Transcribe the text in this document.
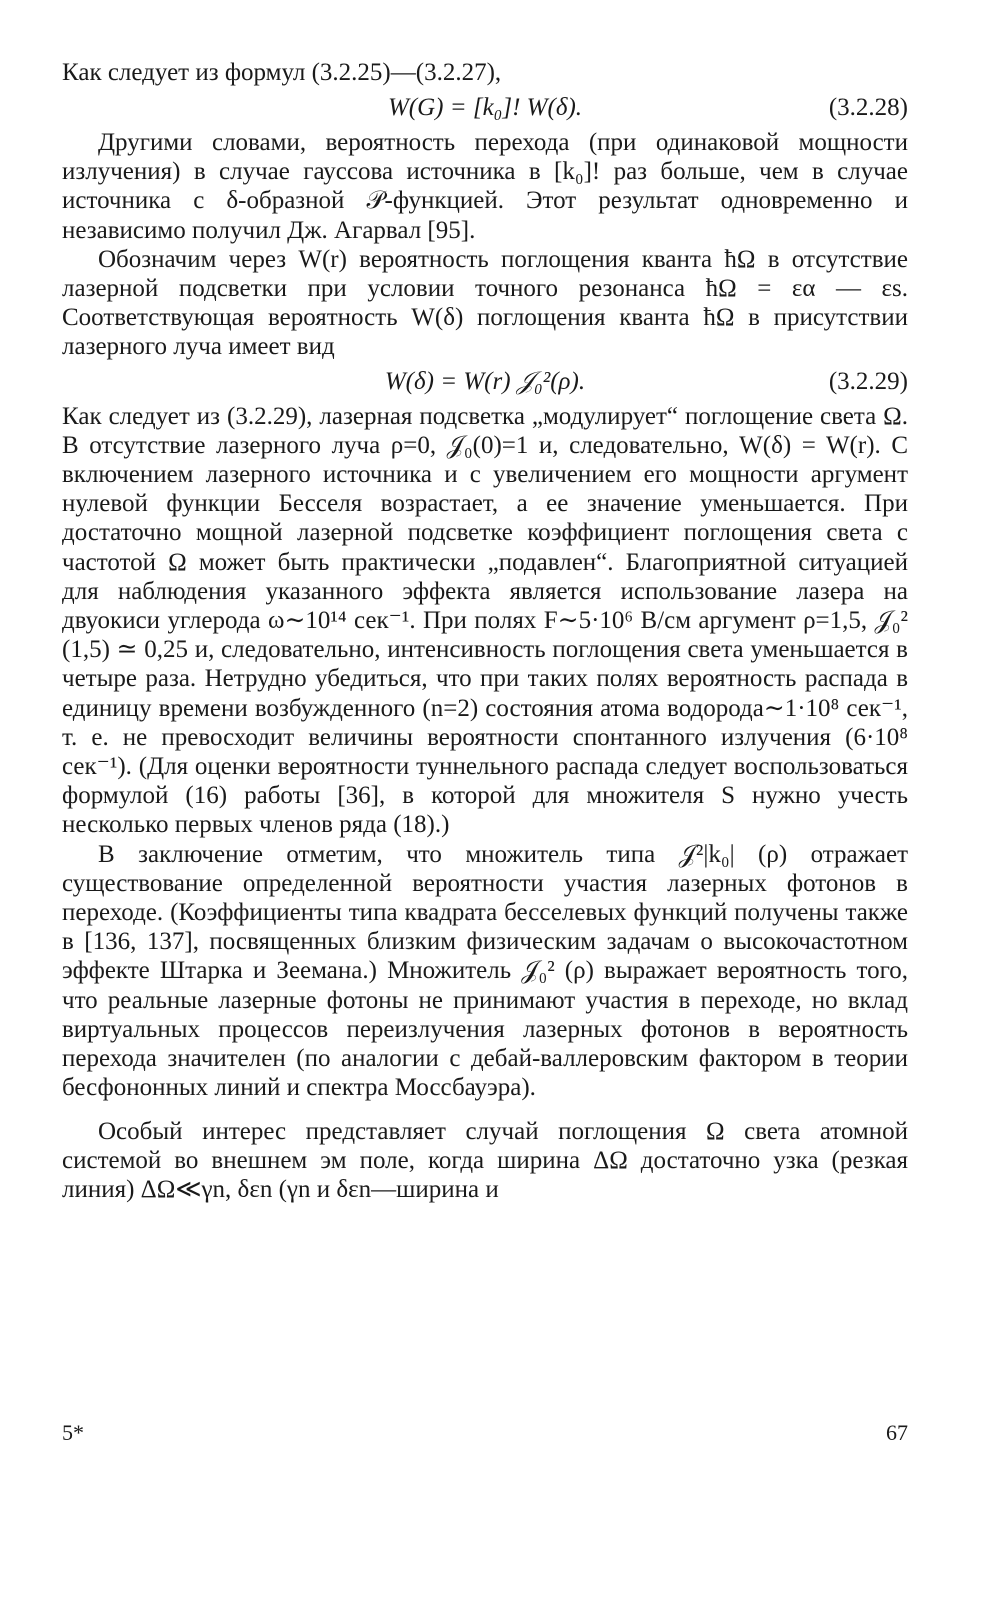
Как следует из формул (3.2.25)—(3.2.27),

W(G) = [k₀]! W(δ).	(3.2.28)

Другими словами, вероятность перехода (при одинаковой мощности излучения) в случае гауссова источника в [k₀]! раз больше, чем в случае источника с δ-образной 𝒫-функцией. Этот результат одновременно и независимо получил Дж. Агарвал [95].

Обозначим через W(r) вероятность поглощения кванта ħΩ в отсутствие лазерной подсветки при условии точного резонанса ħΩ = εα — εs. Соответствующая вероятность W(δ) поглощения кванта ħΩ в присутствии лазерного луча имеет вид

W(δ) = W(r) 𝒥₀²(ρ).	(3.2.29)

Как следует из (3.2.29), лазерная подсветка „модулирует“ поглощение света Ω. В отсутствие лазерного луча ρ=0, 𝒥₀(0)=1 и, следовательно, W(δ) = W(r). С включением лазерного источника и с увеличением его мощности аргумент нулевой функции Бесселя возрастает, а ее значение уменьшается. При достаточно мощной лазерной подсветке коэффициент поглощения света с частотой Ω может быть практически „подавлен“. Благоприятной ситуацией для наблюдения указанного эффекта является использование лазера на двуокиси углерода ω∼10¹⁴ сек⁻¹. При полях F∼5·10⁶ В/см аргумент ρ=1,5, 𝒥₀² (1,5) ≃ 0,25 и, следовательно, интенсивность поглощения света уменьшается в четыре раза. Нетрудно убедиться, что при таких полях вероятность распада в единицу времени возбужденного (n=2) состояния атома водорода∼1·10⁸ сек⁻¹, т. е. не превосходит величины вероятности спонтанного излучения (6·10⁸ сек⁻¹). (Для оценки вероятности туннельного распада следует воспользоваться формулой (16) работы [36], в которой для множителя S нужно учесть несколько первых членов ряда (18).)

В заключение отметим, что множитель типа 𝒥²|k₀| (ρ) отражает существование определенной вероятности участия лазерных фотонов в переходе. (Коэффициенты типа квадрата бесселевых функций получены также в [136, 137], посвященных близким физическим задачам о высокочастотном эффекте Штарка и Зеемана.) Множитель 𝒥₀² (ρ) выражает вероятность того, что реальные лазерные фотоны не принимают участия в переходе, но вклад виртуальных процессов переизлучения лазерных фотонов в вероятность перехода значителен (по аналогии с дебай-валлеровским фактором в теории бесфононных линий и спектра Моссбауэра).

Особый интерес представляет случай поглощения Ω света атомной системой во внешнем эм поле, когда ширина ΔΩ достаточно узка (резкая линия) ΔΩ≪γn, δεn (γn и δεn—ширина и

5*	67
